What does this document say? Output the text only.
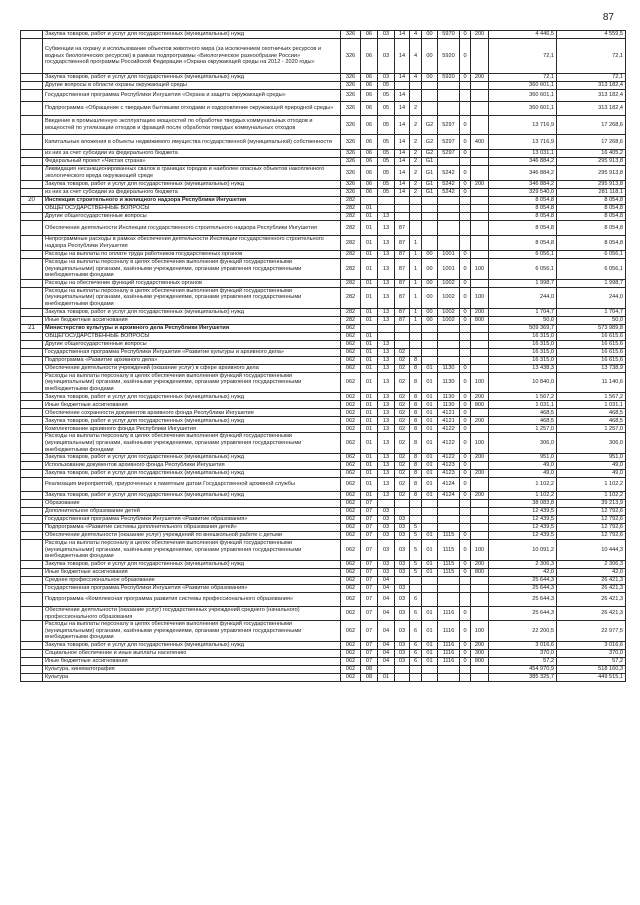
87
	Закупка товаров, работ и услуг для государственных (муниципальных) нужд	326	06	03	14	4	00	5970	0	200	4 446,5	4 559,5
	Субвенции на охрану и использование объектов животного мира (за исключением охотничьих ресурсов и водных биологических ресурсов) в рамках подпрограммы «Биологическое разнообразие России» государственной программы Российской Федерации «Охрана окружающей среды на 2012 - 2020 годы»	326	06	03	14	4	00	5920	0		72,1	72,1
	Закупка товаров, работ и услуг для государственных (муниципальных) нужд	326	06	03	14	4	00	5920	0	200	72,1	72,1
	Другие вопросы в области охраны окружающей среды	326	06	05							360 601,1	313 182,4
	Государственная программа Республики Ингушетия «Охрана и защита окружающей среды»	326	06	05	14						360 601,1	313 182,4
	Подпрограмма «Обращение с твердыми бытовыми отходами и оздоровление окружающей природной среды»	326	06	05	14	2					360 601,1	313 182,4
	Введение в промышленную эксплуатацию мощностей по обработке твердых коммунальных отходов и мощностей по утилизации отходов и фракций после обработки твердых коммунальных отходов	326	06	05	14	2	G2	5297	0		13 716,9	17 268,6
	Капитальные вложения в объекты недвижимого имущества государственной (муниципальной) собственности	326	06	05	14	2	G2	5297	0	400	13 716,9	17 268,6
	из них за счет субсидии из федерального бюджета	326	06	05	14	2	G2	5297	0		13 031,1	16 405,2
	Федеральный проект «Чистая страна»	326	06	05	14	2	G1				346 884,2	295 913,8
	Ликвидация несанкционированных свалок в границах городов и наиболее опасных объектов накопленного экологического вреда окружающей среде	326	06	05	14	2	G1	5242	0		346 884,2	295 913,8
	Закупка товаров, работ и услуг для государственных (муниципальных) нужд	326	06	05	14	2	G1	5242	0	200	346 884,2	295 913,8
	из них за счет субсидии из федерального бюджета	326	06	05	14	2	G1	5242	0		329 540,0	281 118,1
20	Инспекция строительного и жилищного надзора Республики Ингушетия	282									8 054,8	8 054,8
	ОБЩЕГОСУДАРСТВЕННЫЕ ВОПРОСЫ	282	01								8 054,8	8 054,8
	Другие общегосударственные вопросы	282	01	13							8 054,8	8 054,8
	Обеспечение деятельности Инспекции государственного строительного надзора Республики Ингушетия	282	01	13	87						8 054,8	8 054,8
	Непрограммные расходы в рамках обеспечения деятельности Инспекции государственного строительного надзора Республики Ингушетия	282	01	13	87	1					8 054,8	8 054,8
	Расходы на выплаты по оплате труда работников государственных органов	282	01	13	87	1	00	1001	0		6 056,1	6 056,1
	Расходы на выплаты персоналу в целях обеспечения выполнения функций государственными (муниципальными) органами, казёнными учреждениями, органами управления государственными внебюджетными фондами	282	01	13	87	1	00	1001	0	100	6 056,1	6 056,1
	Расходы на обеспечение функций государственных органов	282	01	13	87	1	00	1002	0		1 998,7	1 998,7
	Расходы на выплаты персоналу в целях обеспечения выполнения функций государственными (муниципальными) органами, казёнными учреждениями, органами управления государственными внебюджетными фондами	282	01	13	87	1	00	1002	0	100	244,0	244,0
	Закупка товаров, работ и услуг для государственных (муниципальных) нужд	282	01	13	87	1	00	1002	0	200	1 704,7	1 704,7
	Иные бюджетные ассигнования	282	01	13	87	1	00	1002	0	800	50,0	50,0
21	Министерство культуры и архивного дела Республики Ингушетия	062									509 369,7	573 989,8
	ОБЩЕГОСУДАРСТВЕННЫЕ ВОПРОСЫ	062	01								16 315,0	16 615,6
	Другие общегосударственные вопросы	062	01	13							16 315,0	16 615,6
	Государственная программа Республики Ингушетия «Развитие культуры и архивного дела»	062	01	13	02						16 315,0	16 615,6
	Подпрограмма «Развитие архивного дела»	062	01	13	02	8					16 315,0	16 615,6
	Обеспечение деятельности учреждений (оказание услуг) в сфере архивного дела	062	01	13	02	8	01	1130	0		13 438,3	13 738,9
	Расходы на выплаты персоналу в целях обеспечения выполнения функций государственными (муниципальными) органами, казёнными учреждениями, органами управления государственными внебюджетными фондами	062	01	13	02	8	01	1130	0	100	10 840,0	11 140,6
	Закупка товаров, работ и услуг для государственных (муниципальных) нужд	062	01	13	02	8	01	1130	0	200	1 567,2	1 567,2
	Иные бюджетные ассигнования	062	01	13	02	8	01	1130	0	800	1 031,1	1 031,1
	Обеспечение сохранности документов архивного фонда Республики Ингушетия	062	01	13	02	8	01	4121	0		468,5	468,5
	Закупка товаров, работ и услуг для государственных (муниципальных) нужд	062	01	13	02	8	01	4121	0	200	468,5	468,5
	Комплектование архивного фонда Республики Ингушетия	062	01	13	02	8	01	4122	0		1 257,0	1 257,0
	Расходы на выплаты персоналу в целях обеспечения выполнения функций государственными (муниципальными) органами, казёнными учреждениями, органами управления государственными внебюджетными фондами	062	01	13	02	8	01	4122	0	100	306,0	306,0
	Закупка товаров, работ и услуг для государственных (муниципальных) нужд	062	01	13	02	8	01	4122	0	200	951,0	951,0
	Использование документов архивного фонда Республики Ингушетия	062	01	13	02	8	01	4123	0		49,0	49,0
	Закупка товаров, работ и услуг для государственных (муниципальных) нужд	062	01	13	02	8	01	4123	0	200	49,0	49,0
	Реализация мероприятий, приуроченных к памятным датам Государственной архивной службы	062	01	13	02	8	01	4124	0		1 102,2	1 102,2
	Закупка товаров, работ и услуг для государственных (муниципальных) нужд	062	01	13	02	8	01	4124	0	200	1 102,2	1 102,2
	Образование	062	07								38 083,8	39 213,9
	Дополнительное образование детей	062	07	03							12 439,5	12 792,6
	Государственная программа Республики Ингушетия «Развитие образования»	062	07	03	03						12 439,5	12 792,6
	Подпрограмма «Развитие системы дополнительного образования детей»	062	07	03	03	5					12 439,5	12 792,6
	Обеспечение деятельности (оказание услуг) учреждений по внешкольной работе с детьми	062	07	03	03	5	01	1115	0		12 439,5	12 792,6
	Расходы на выплаты персоналу в целях обеспечения выполнения функций государственными (муниципальными) органами, казёнными учреждениями, органами управления государственными внебюджетными фондами	062	07	03	03	5	01	1115	0	100	10 091,2	10 444,3
	Закупка товаров, работ и услуг для государственных (муниципальных) нужд	062	07	03	03	5	01	1115	0	200	2 306,3	2 306,3
	Иные бюджетные ассигнования	062	07	03	03	5	01	1115	0	800	42,0	42,0
	Среднее профессиональное образование	062	07	04							25 644,3	26 421,3
	Государственная программа Республики Ингушетия «Развитие образования»	062	07	04	03						25 644,3	26 421,3
	Подпрограмма «Комплексная программа развития системы профессионального образования»	062	07	04	03	6					25 644,3	26 421,3
	Обеспечение деятельности (оказание услуг) государственных учреждений среднего (начального) профессионального образования	062	07	04	03	6	01	1116	0		25 644,3	26 421,3
	Расходы на выплаты персоналу в целях обеспечения выполнения функций государственными (муниципальными) органами, казёнными учреждениями, органами управления государственными внебюджетными фондами	062	07	04	03	6	01	1116	0	100	22 200,5	22 977,5
	Закупка товаров, работ и услуг для государственных (муниципальных) нужд	062	07	04	03	6	01	1116	0	200	3 016,6	3 016,6
	Социальное обеспечение и иные выплаты населению	062	07	04	03	6	01	1116	0	300	370,0	370,0
	Иные бюджетные ассигнования	062	07	04	03	6	01	1116	0	800	57,2	57,2
	Культура, кинематография	062	08								454 970,9	518 160,3
	Культура	062	08	01							385 325,7	449 515,1
